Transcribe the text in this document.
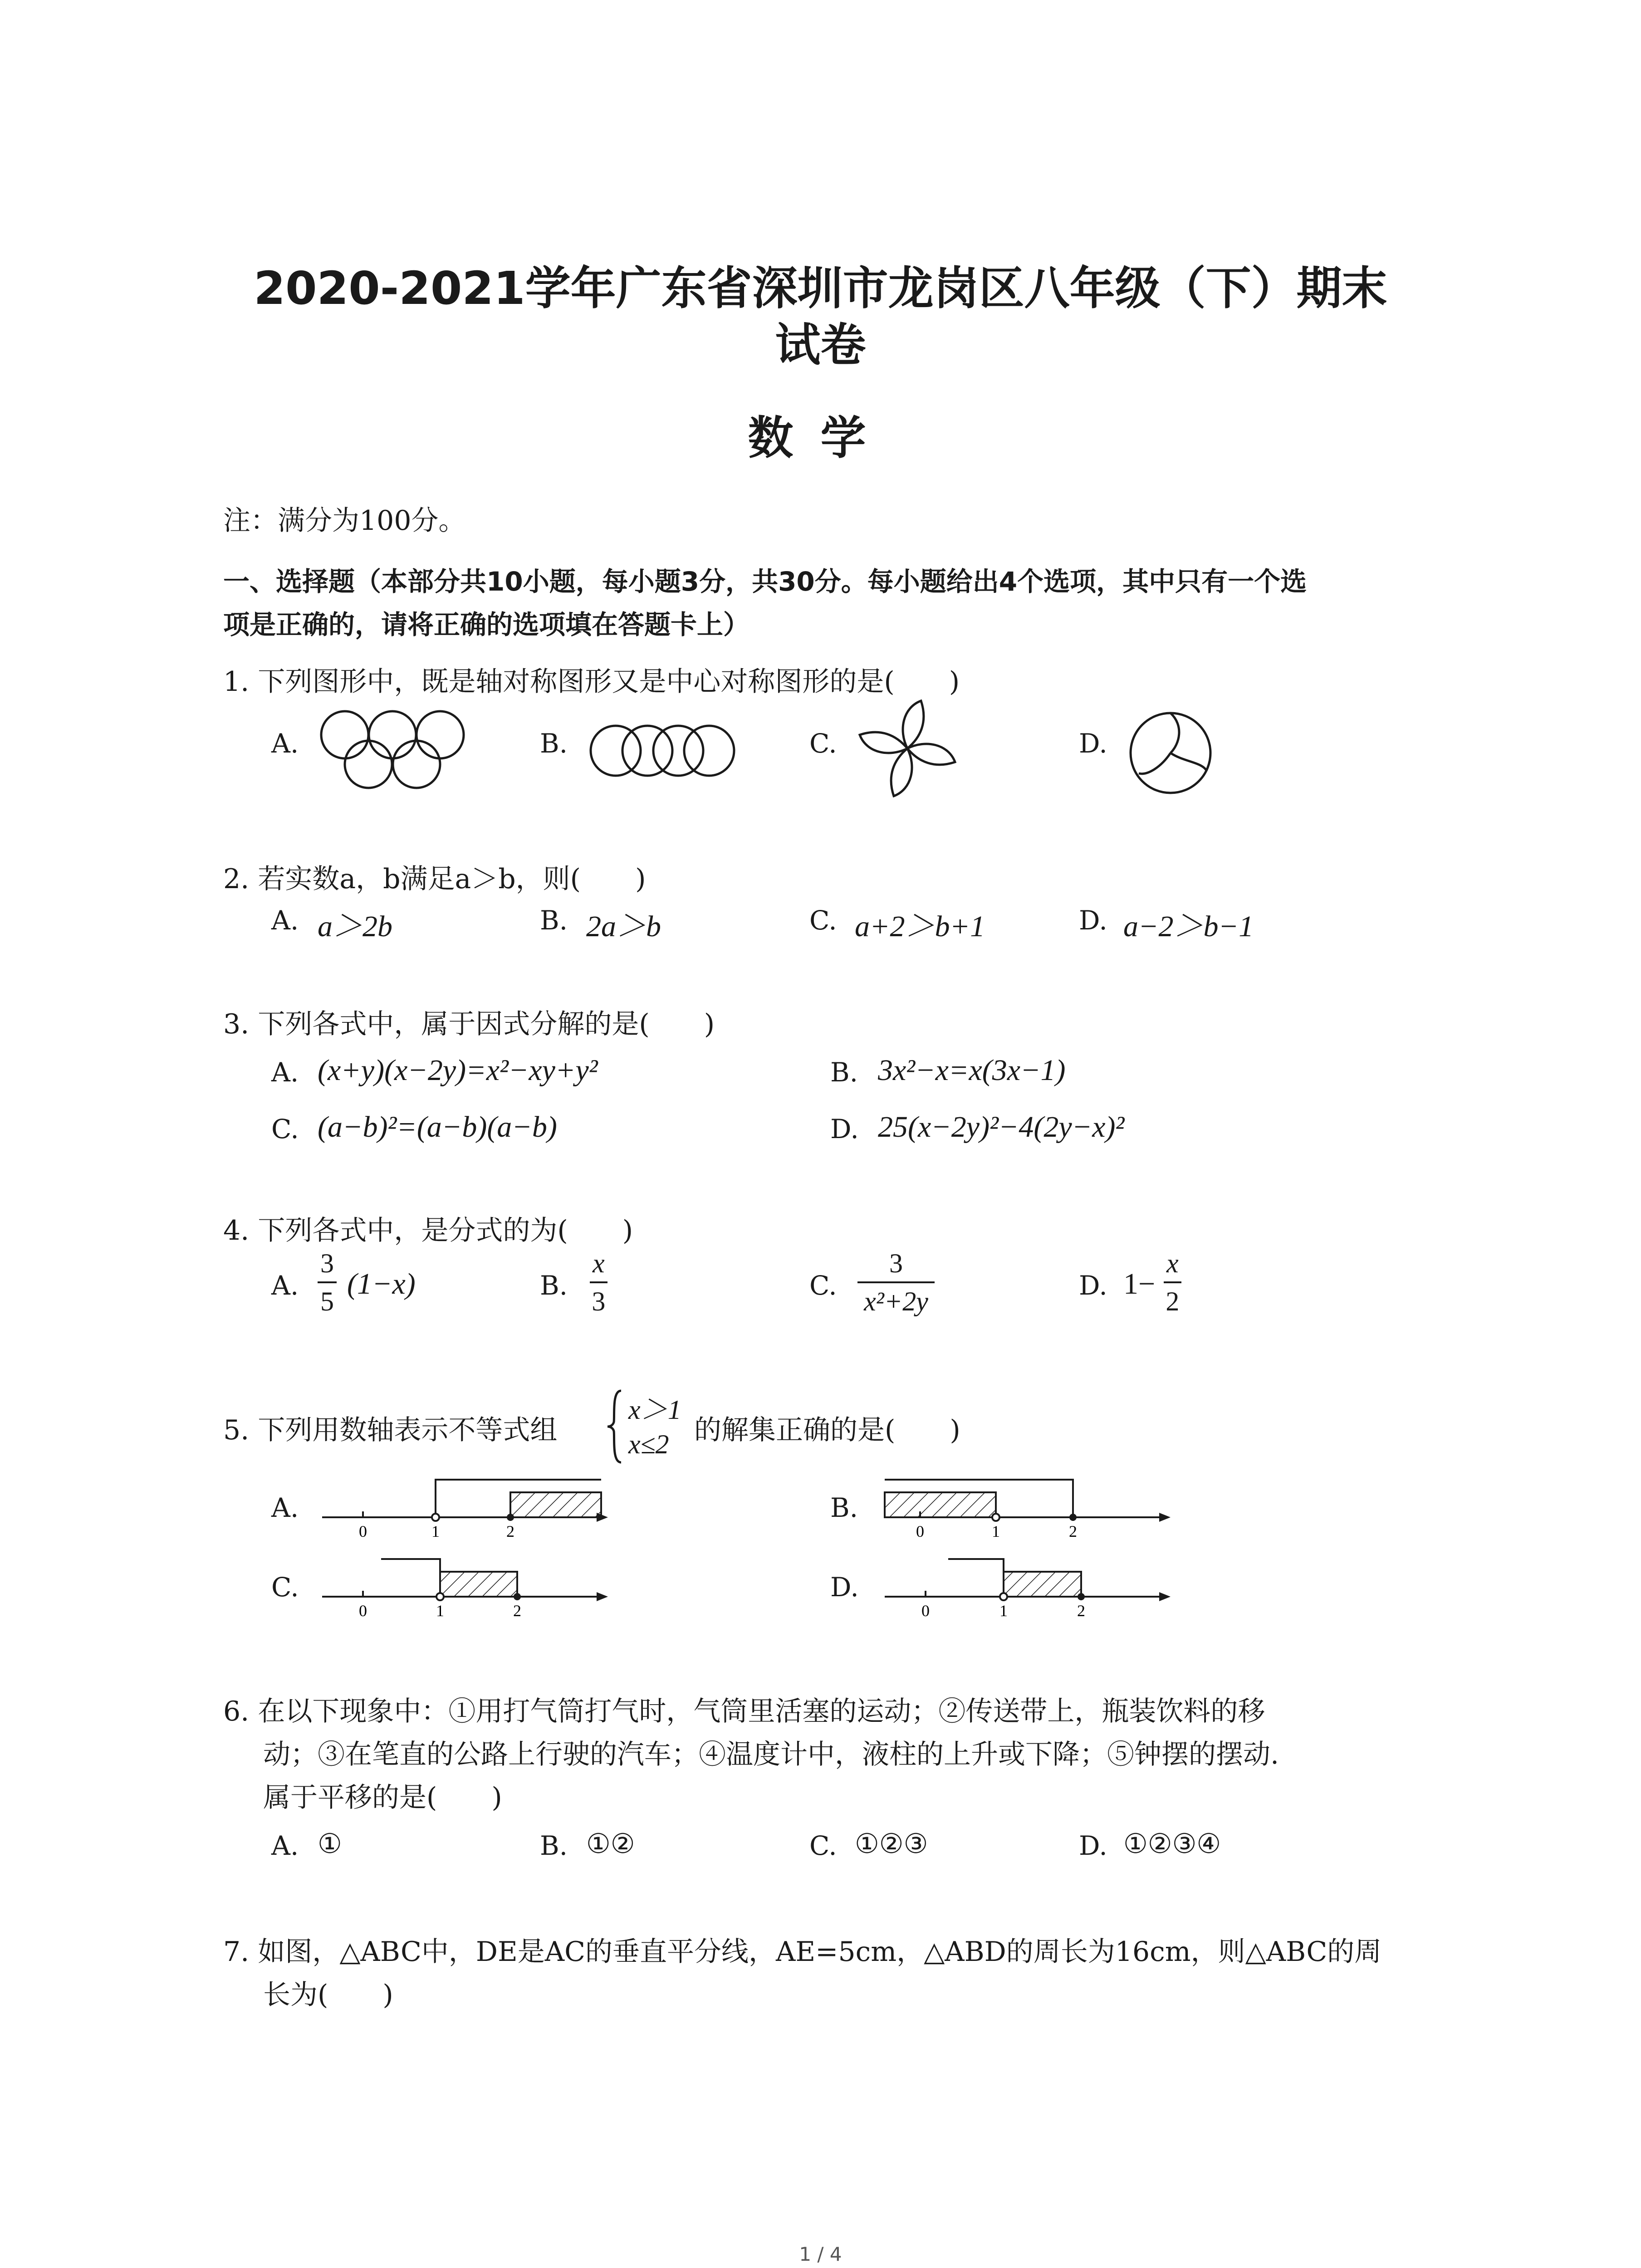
2020-2021学年广东省深圳市龙岗区八年级（下）期末
试卷
数学
注：满分为100分。
一、选择题（本部分共10小题，每小题3分，共30分。每小题给出4个选项，其中只有一个选
项是正确的，请将正确的选项填在答题卡上）
1. 下列图形中，既是轴对称图形又是中心对称图形的是(　　)
A.	B.	C.	D.
2. 若实数a，b满足a＞b，则(　　)
A. a＞2b	B. 2a＞b	C. a+2＞b+1	D. a−2＞b−1
3. 下列各式中，属于因式分解的是(　　)
A. (x+y)(x−2y)=x²−xy+y²	B. 3x²−x=x(3x−1)
C. (a−b)²=(a−b)(a−b)	D. 25(x−2y)²−4(2y−x)²
4. 下列各式中，是分式的为(　　)
A. $\frac{3}{5} (1-x)$	B. $\frac{x}{3}$	C. $\frac{3}{\text{x²+2y}}$	D. $1- \frac{x}{2}$
5. 下列用数轴表示不等式组
x＞1
x≤2 的解集正确的是(　　)
A.	B.
C.	D.
0	1	2	0	1	2
0	1	2	0	1	2
6. 在以下现象中：①用打气筒打气时，气筒里活塞的运动；②传送带上，瓶装饮料的移
动；③在笔直的公路上行驶的汽车；④温度计中，液柱的上升或下降；⑤钟摆的摆动.
属于平移的是(　　)
A. ①	B. ①②	C. ①②③	D. ①②③④
7. 如图，△ABC中，DE是AC的垂直平分线，AE=5cm，△ABD的周长为16cm，则△ABC的周
长为(　　)
1 / 4
